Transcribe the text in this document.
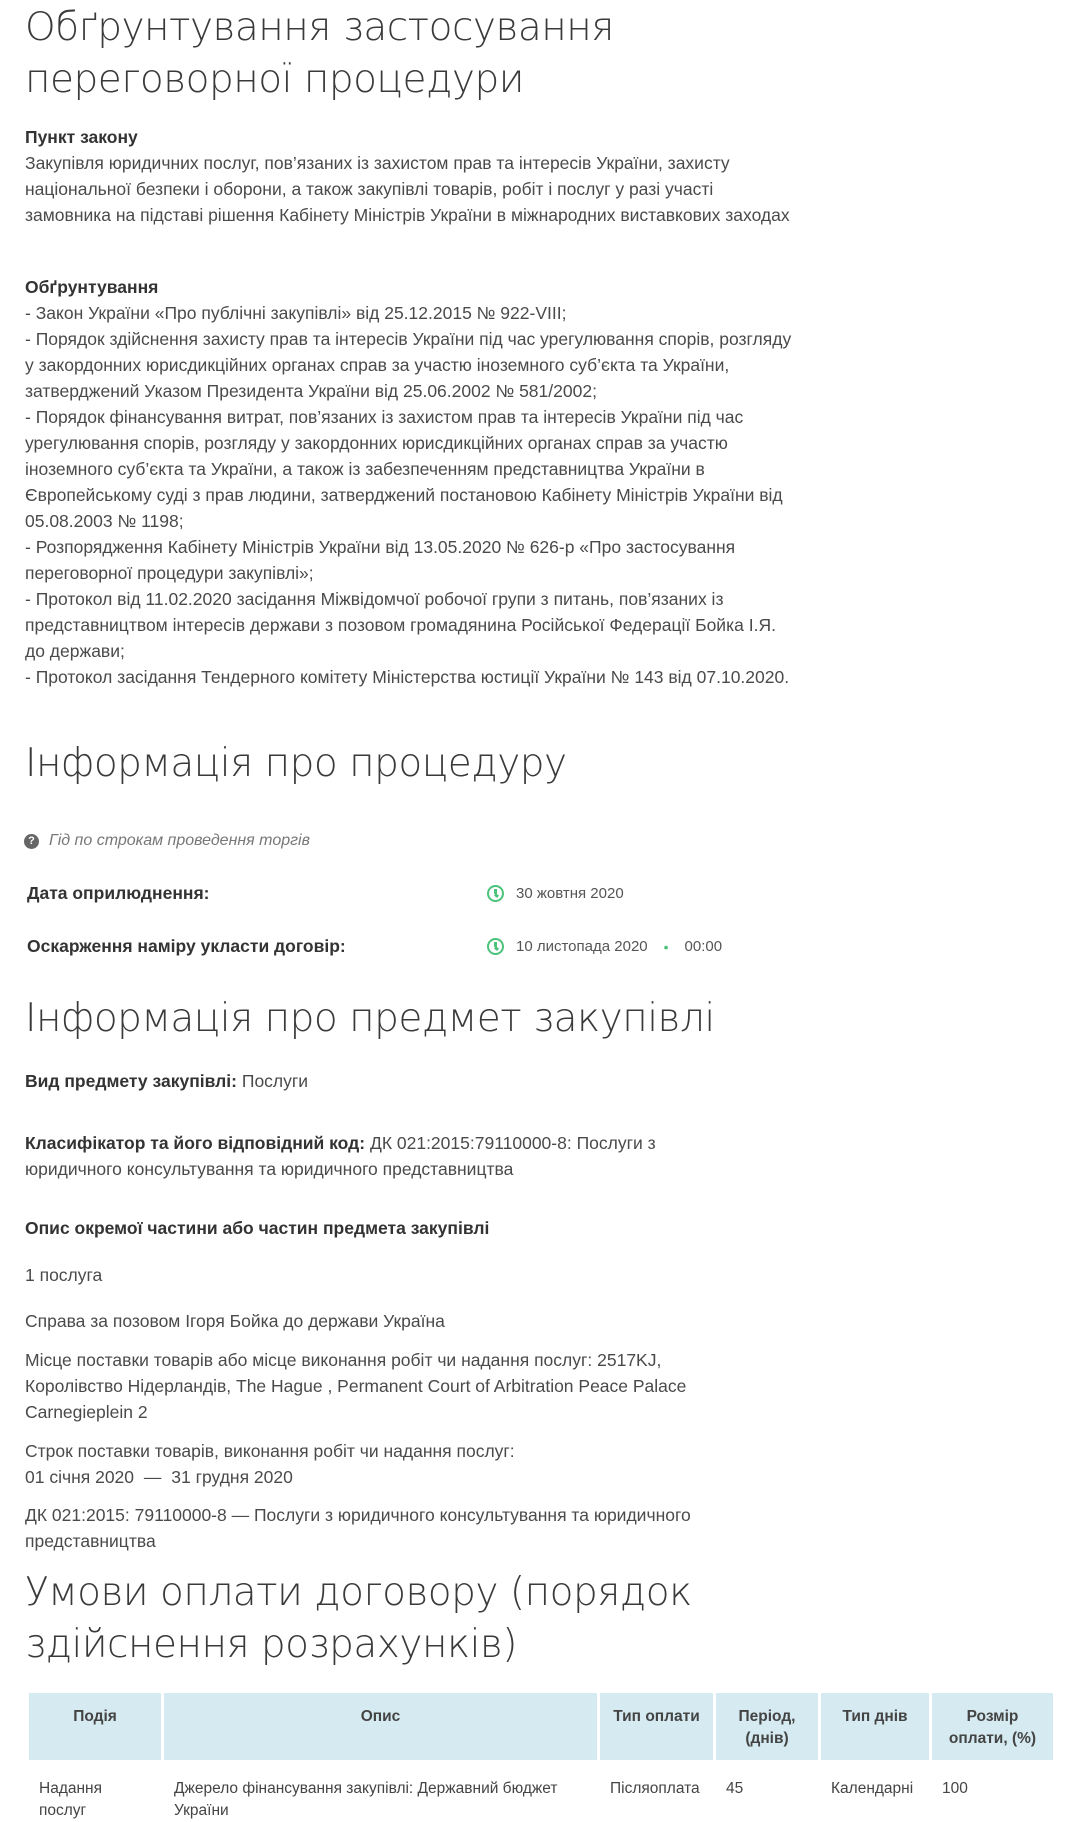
Обґрунтування застосування переговорної процедури
Пункт закону
Закупівля юридичних послуг, пов’язаних із захистом прав та інтересів України, захисту національної безпеки і оборони, а також закупівлі товарів, робіт і послуг у разі участі замовника на підставі рішення Кабінету Міністрів України в міжнародних виставкових заходах
Обґрунтування
- Закон України «Про публічні закупівлі» від 25.12.2015 № 922-VIII;
- Порядок здійснення захисту прав та інтересів України під час урегулювання спорів, розгляду у закордонних юрисдикційних органах справ за участю іноземного суб’єкта та України, затверджений Указом Президента України від 25.06.2002 № 581/2002;
- Порядок фінансування витрат, пов’язаних із захистом прав та інтересів України під час урегулювання спорів, розгляду у закордонних юрисдикційних органах справ за участю іноземного суб’єкта та України, а також із забезпеченням представництва України в Європейському суді з прав людини, затверджений постановою Кабінету Міністрів України від 05.08.2003 № 1198;
- Розпорядження Кабінету Міністрів України від 13.05.2020 № 626-р «Про застосування переговорної процедури закупівлі»;
- Протокол від 11.02.2020 засідання Міжвідомчої робочої групи з питань, пов’язаних із представництвом інтересів держави з позовом громадянина Російської Федерації Бойка І.Я. до держави;
- Протокол засідання Тендерного комітету Міністерства юстиції України № 143 від 07.10.2020.
Інформація про процедуру
? Гід по строкам проведення торгів
Дата оприлюднення:	30 жовтня 2020
Оскарження наміру укласти договір:	10 листопада 2020 • 00:00
Інформація про предмет закупівлі
Вид предмету закупівлі: Послуги
Класифікатор та його відповідний код: ДК 021:2015:79110000-8: Послуги з юридичного консультування та юридичного представництва
Опис окремої частини або частин предмета закупівлі
1 послуга
Справа за позовом Ігоря Бойка до держави Україна
Місце поставки товарів або місце виконання робіт чи надання послуг: 2517KJ, Королівство Нідерландів, The Hague , Permanent Court of Arbitration Peace Palace Carnegieplein 2
Строк поставки товарів, виконання робіт чи надання послуг:
01 січня 2020 — 31 грудня 2020
ДК 021:2015: 79110000-8 — Послуги з юридичного консультування та юридичного представництва
Умови оплати договору (порядок здійснення розрахунків)
Подія	Опис	Тип оплати	Період, (днів)	Тип днів	Розмір оплати, (%)
Надання послуг	Джерело фінансування закупівлі: Державний бюджет України	Післяоплата	45	Календарні	100
